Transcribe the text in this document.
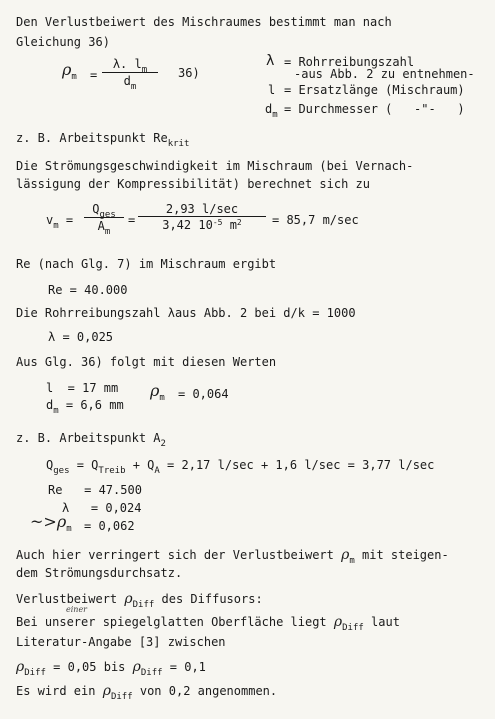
Den Verlustbeiwert des Mischraumes bestimmt man nach
Gleichung 36)
$\rho_m = \frac{\lambda. l_m}{d_m} 36$)
λ = Rohrreibungszahl
-aus Abb. 2 zu entnehmen-
l = Ersatzlänge (Mischraum)
$d_m$ = Durchmesser (   -"-   )
z. B. Arbeitspunkt $Re_{krit}$
Die Strömungsgeschwindigkeit im Mischraum (bei Vernach-
lässigung der Kompressibilität) berechnet sich zu
$v_m$ =
$Q_{ges}$
$A_m$
=
2,93 l/sec
3,42 $10^{-5}$ $m^2$	= 85,7 m/sec
Re (nach Glg. 7) im Mischraum ergibt
Re = 40.000
Die Rohrreibungszahl λaus Abb. 2 bei d/k = 1000
λ = 0,025
Aus Glg. 36) folgt mit diesen Werten
l  = 17 mm
$d_m = 6,6$ mm
$\rho_m = 0,064$
z. B. Arbeitspunkt $A_2$
$Q_{ges} = Q_{Treib} + Q_A = 2,17$ l/sec + 1,6 l/sec = 3,77 l/sec
Re   = 47.500
λ   = 0,024
$\sim>\rho_m = 0,062$
Auch hier verringert sich der Verlustbeiwert $\rho_m$ mit steigen-
dem Strömungsdurchsatz.
Verlustbeiwert $\rho_{Diff}$ des Diffusors:
einer
Bei unserer spiegelglatten Oberfläche liegt $\rho_{Diff}$ laut
Literatur-Angabe [3] zwischen
$\rho_{Diff} = 0,05$ bis $\rho_{Diff} = 0,1$
Es wird ein $\rho_{Diff}$ von 0,2 angenommen.
